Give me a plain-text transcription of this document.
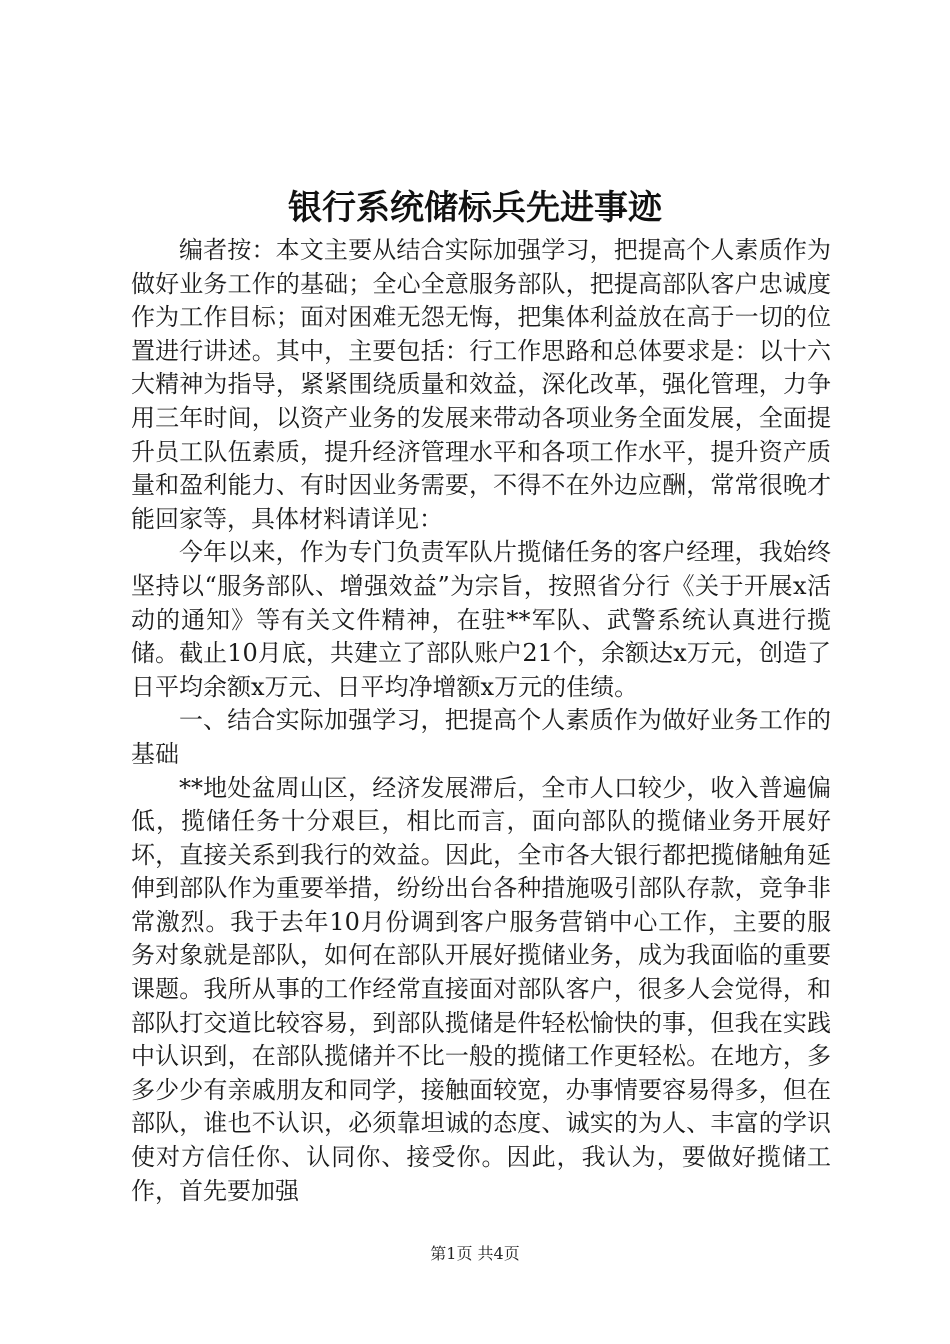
银行系统储标兵先进事迹

编者按：本文主要从结合实际加强学习，把提高个人素质作为做好业务工作的基础；全心全意服务部队，把提高部队客户忠诚度作为工作目标；面对困难无怨无悔，把集体利益放在高于一切的位置进行讲述。其中，主要包括：行工作思路和总体要求是：以十六大精神为指导，紧紧围绕质量和效益，深化改革，强化管理，力争用三年时间，以资产业务的发展来带动各项业务全面发展，全面提升员工队伍素质，提升经济管理水平和各项工作水平，提升资产质量和盈利能力、有时因业务需要，不得不在外边应酬，常常很晚才能回家等，具体材料请详见：

今年以来，作为专门负责军队片揽储任务的客户经理，我始终坚持以“服务部队、增强效益”为宗旨，按照省分行《关于开展x活动的通知》等有关文件精神，在驻**军队、武警系统认真进行揽储。截止10月底，共建立了部队账户21个，余额达x万元，创造了日平均余额x万元、日平均净增额x万元的佳绩。

一、结合实际加强学习，把提高个人素质作为做好业务工作的基础

**地处盆周山区，经济发展滞后，全市人口较少，收入普遍偏低，揽储任务十分艰巨，相比而言，面向部队的揽储业务开展好坏，直接关系到我行的效益。因此，全市各大银行都把揽储触角延伸到部队作为重要举措，纷纷出台各种措施吸引部队存款，竞争非常激烈。我于去年10月份调到客户服务营销中心工作，主要的服务对象就是部队，如何在部队开展好揽储业务，成为我面临的重要课题。我所从事的工作经常直接面对部队客户，很多人会觉得，和部队打交道比较容易，到部队揽储是件轻松愉快的事，但我在实践中认识到，在部队揽储并不比一般的揽储工作更轻松。在地方，多多少少有亲戚朋友和同学，接触面较宽，办事情要容易得多，但在部队，谁也不认识，必须靠坦诚的态度、诚实的为人、丰富的学识使对方信任你、认同你、接受你。因此，我认为，要做好揽储工作，首先要加强

第1页 共4页
